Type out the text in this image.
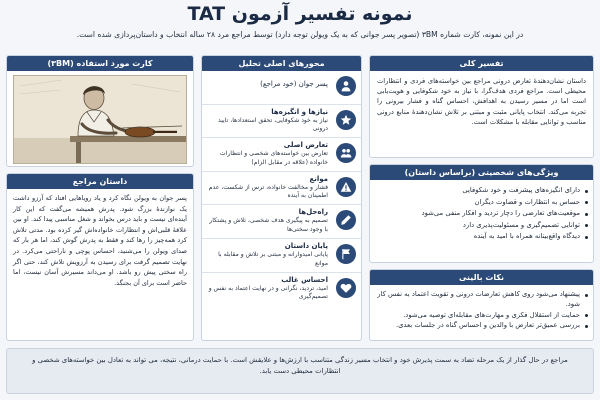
نمونه تفسیر آزمون TAT

در این نمونه، کارت شماره ۳BM (تصویر پسر جوانی که به یک ویولن توجه دارد) توسط مراجع مرد ۲۸ ساله انتخاب و داستان‌پردازی شده است.

تفسیر کلی
داستان نشان‌دهندهٔ تعارض درونی مراجع بین خواسته‌های فردی و انتظارات محیطی است. مراجع فردی هدف‌گرا، با نیاز به خود شکوفایی و هویت‌یابی است اما در مسیر رسیدن به اهدافش، احساس گناه و فشار بیرونی را تجربه می‌کند. انتخاب پایانی مثبت و مبتنی بر تلاش نشان‌دهندهٔ منابع درونی مناسب و توانایی مقابله با مشکلات است.
ویژگی‌های شخصیتی (براساس داستان)
دارای انگیزه‌های پیشرفت و خود شکوفایی
حساس به انتظارات و قضاوت دیگران
موقعیت‌های تعارضی را دچار تردید و افکار منفی می‌شود
توانایی تصمیم‌گیری و مسئولیت‌پذیری دارد
دیدگاه واقع‌بینانه همراه با امید به آینده
نکات بالینی
پیشنهاد می‌شود روی کاهش تعارضات درونی و تقویت اعتماد به نفس کار شود.
حمایت از استقلال فکری و مهارت‌های مقابله‌ای توصیه می‌شود.
بررسی عمیق‌تر تعارض با والدین و احساس گناه در جلسات بعدی.
محورهای اصلی تحلیل
پسر جوان (خود مراجع)
نیازها و انگیزه‌ها
نیاز به خود شکوفایی، تحقق استعدادها، تایید درونی
تعارض اصلی
تعارض بین خواسته‌های شخصی و انتظارات خانواده (علاقه در مقابل الزام)
موانع
فشار و مخالفت خانواده، ترس از شکست، عدم اطمینان به آینده
راه‌حل‌ها
تصمیم به پیگیری هدف شخصی، تلاش و پشتکار با وجود سختی‌ها
پایان داستان
پایانی امیدوارانه و مبتنی بر تلاش و مقابله با موانع
احساس غالب
امید، تردید، نگرانی و در نهایت اعتماد به نفس و تصمیم‌گیری
کارت مورد استفاده (۳BM)
داستان مراجع
پسر جوان به ویولن نگاه کرد و یاد رویاهایی افتاد که آرزو داشت یک نوازندهٔ بزرگ شود. پدرش همیشه می‌گفت که این کار آینده‌ای نیست و باید درس بخواند و شغل مناسبی پیدا کند. او بین علاقهٔ قلبی‌اش و انتظارات خانواده‌اش گیر کرده بود. مدتی تلاش کرد همه‌چیز را رها کند و فقط به پدرش گوش کند، اما هر بار که صدای ویولن را می‌شنید، احساس پوچی و ناراحتی می‌کرد. در نهایت تصمیم گرفت برای رسیدن به آرزویش تلاش کند، حتی اگر راه سختی پیش رو باشد. او می‌داند مسیرش آسان نیست، اما حاضر است برای آن بجنگد.
مراجع در حال گذار از یک مرحله تضاد به سمت پذیرش خود و انتخاب مسیر زندگی متناسب با ارزش‌ها و علایقش است. با حمایت درمانی، نتیجه، می‌ تواند به تعادل بین خواسته‌های شخصی و انتظارات محیطی دست یابد.
